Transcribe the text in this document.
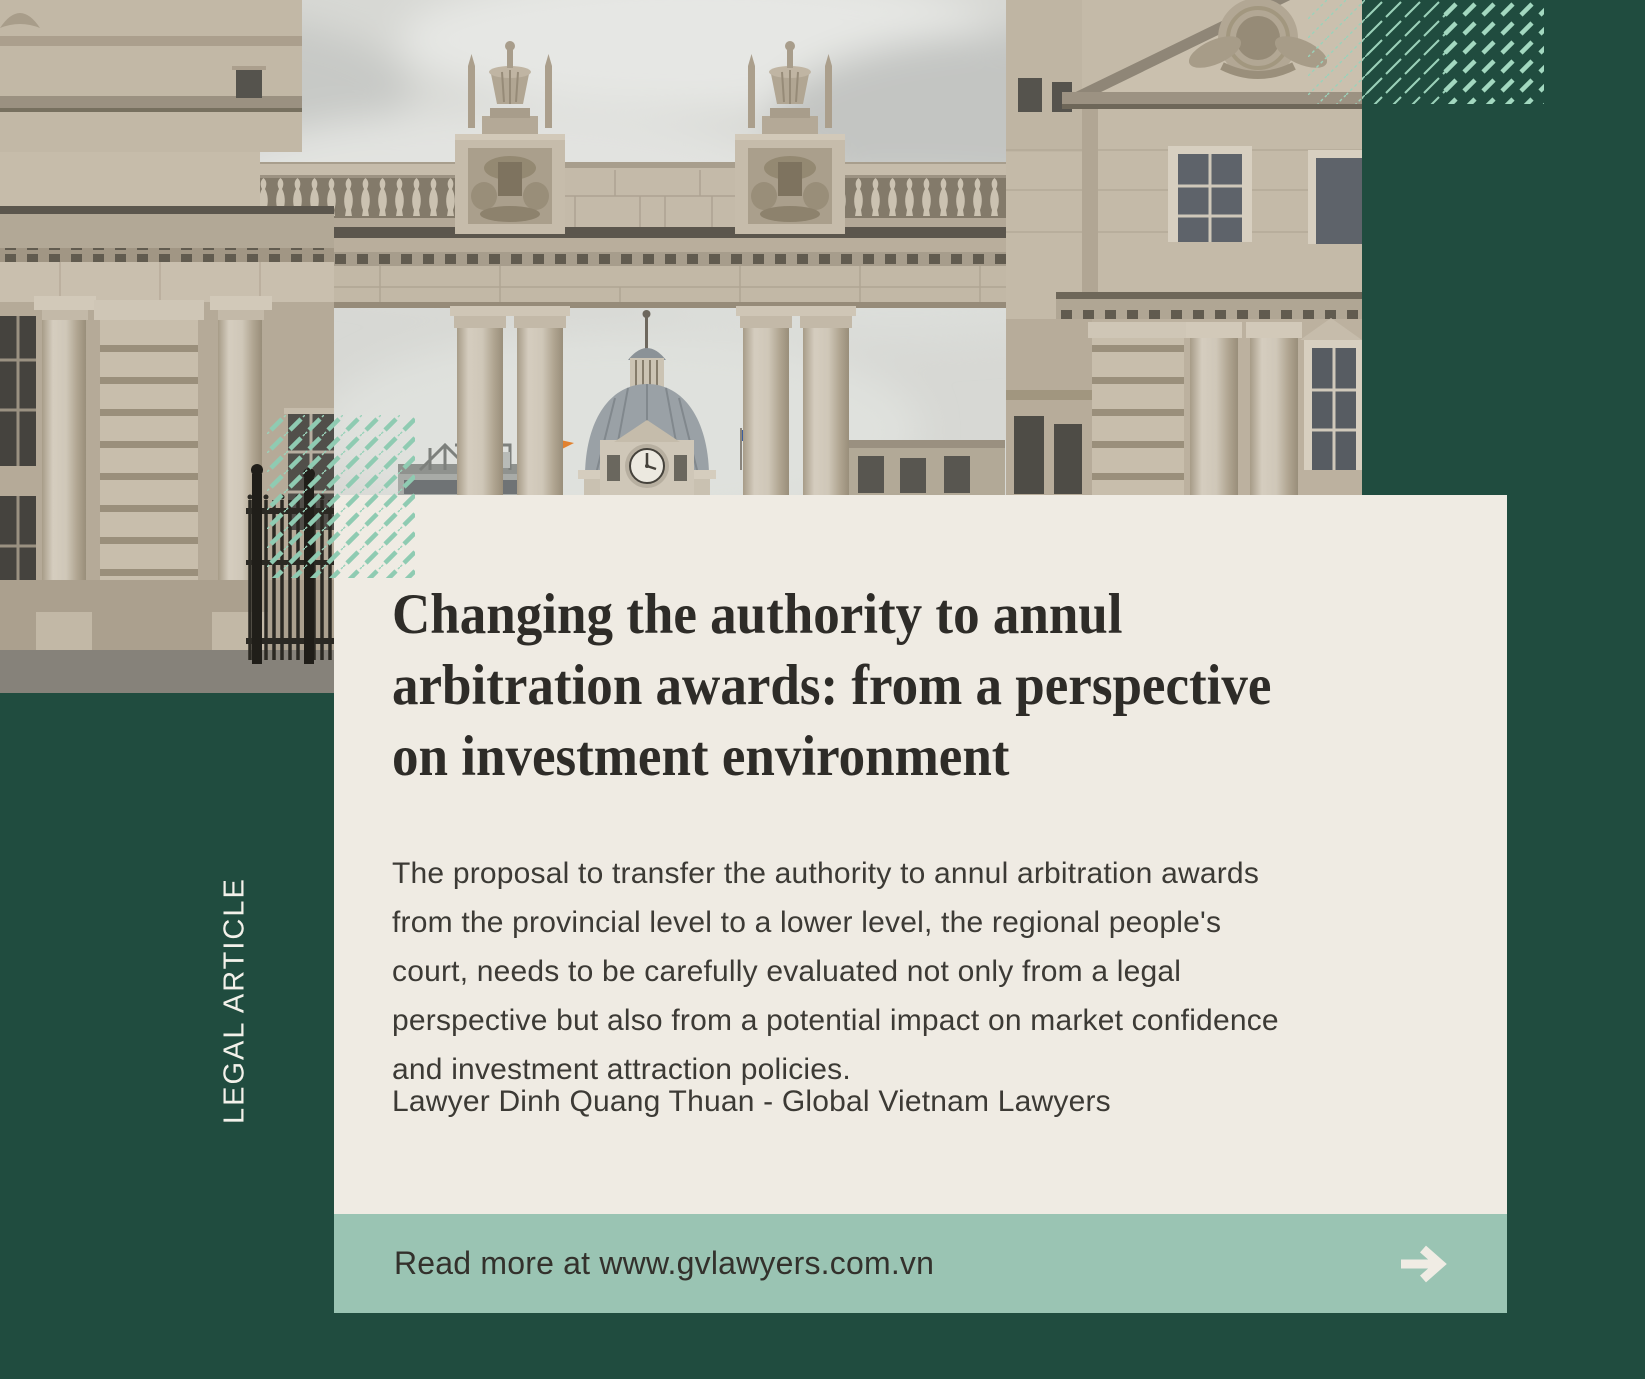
Changing the authority to annul
arbitration awards: from a perspective
on investment environment
The proposal to transfer the authority to annul arbitration awards
from the provincial level to a lower level, the regional people's
court, needs to be carefully evaluated not only from a legal
perspective but also from a potential impact on market confidence
and investment attraction policies.
Lawyer Dinh Quang Thuan - Global Vietnam Lawyers
Read more at www.gvlawyers.com.vn
LEGAL ARTICLE
